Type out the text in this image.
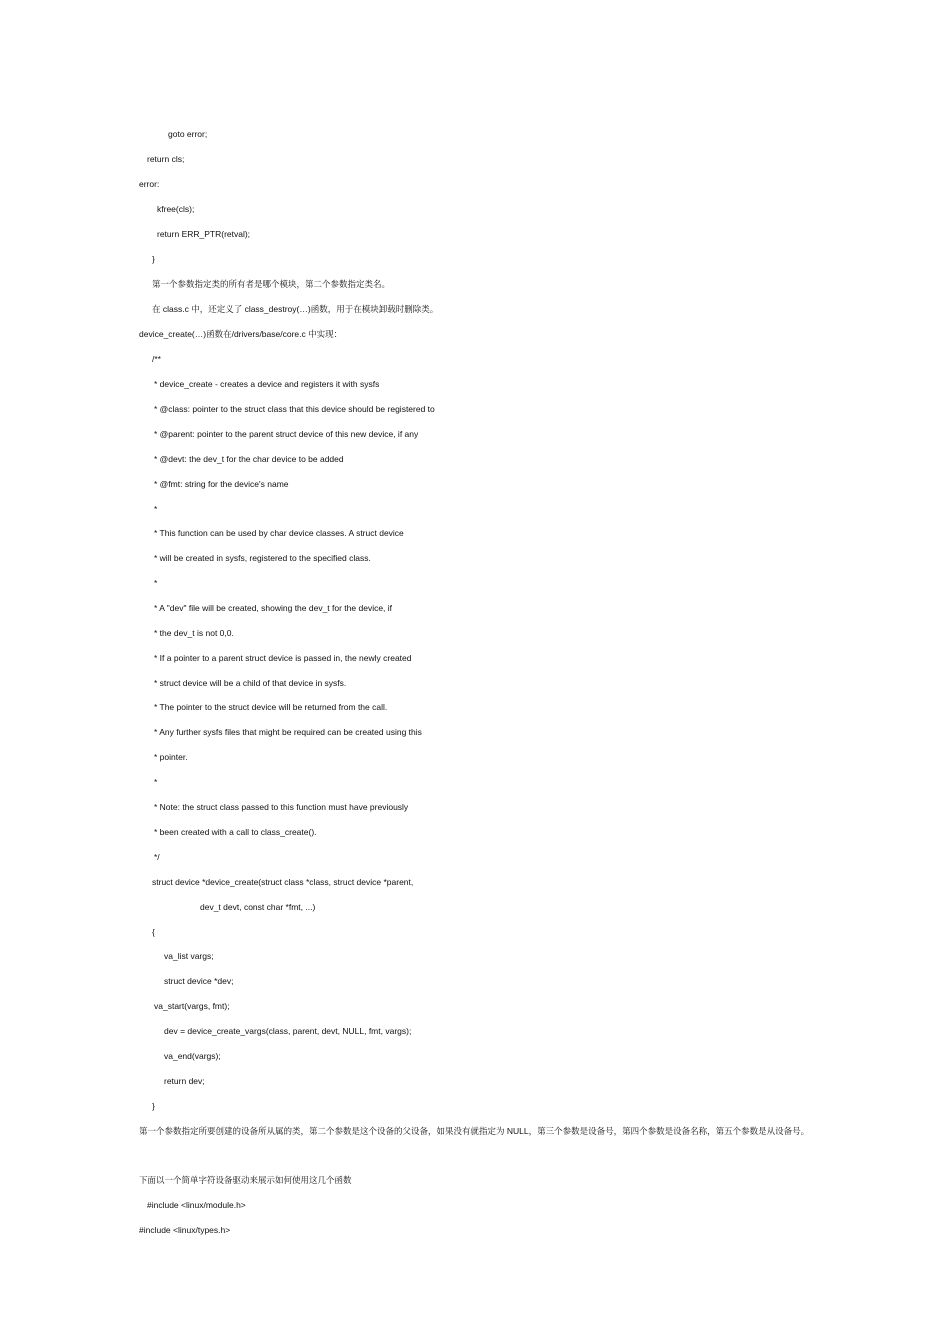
goto error;
return cls;
error:
kfree(cls);
return ERR_PTR(retval);
}
第一个参数指定类的所有者是哪个模块，第二个参数指定类名。
在 class.c 中，还定义了 class_destroy(…)函数，用于在模块卸载时删除类。
device_create(…)函数在/drivers/base/core.c 中实现：
/**
* device_create - creates a device and registers it with sysfs
* @class: pointer to the struct class that this device should be registered to
* @parent: pointer to the parent struct device of this new device, if any
* @devt: the dev_t for the char device to be added
* @fmt: string for the device's name
*
* This function can be used by char device classes. A struct device
* will be created in sysfs, registered to the specified class.
*
* A "dev" file will be created, showing the dev_t for the device, if
* the dev_t is not 0,0.
* If a pointer to a parent struct device is passed in, the newly created
* struct device will be a child of that device in sysfs.
* The pointer to the struct device will be returned from the call.
* Any further sysfs files that might be required can be created using this
* pointer.
*
* Note: the struct class passed to this function must have previously
* been created with a call to class_create().
*/
struct device *device_create(struct class *class, struct device *parent,
dev_t devt, const char *fmt, ...)
{
va_list vargs;
struct device *dev;
va_start(vargs, fmt);
dev = device_create_vargs(class, parent, devt, NULL, fmt, vargs);
va_end(vargs);
return dev;
}
第一个参数指定所要创建的设备所从属的类，第二个参数是这个设备的父设备，如果没有就指定为 NULL，第三个参数是设备号，第四个参数是设备名称，第五个参数是从设备号。
下面以一个简单字符设备驱动来展示如何使用这几个函数
#include <linux/module.h>
#include <linux/types.h>
